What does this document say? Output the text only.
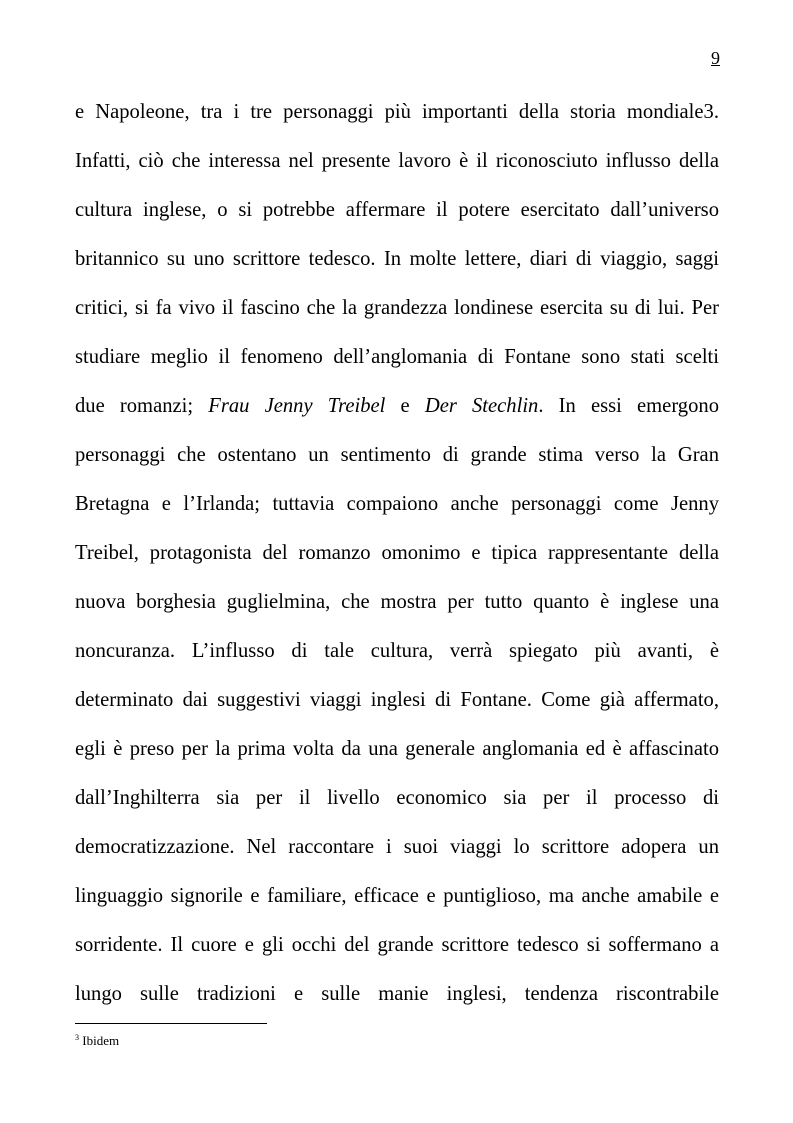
9
e Napoleone, tra i tre personaggi più importanti della storia mondiale3.
Infatti, ciò che interessa nel presente lavoro è il riconosciuto influsso della
cultura inglese, o si potrebbe affermare il potere esercitato dall’universo
britannico su uno scrittore tedesco. In molte lettere, diari di viaggio, saggi
critici, si fa vivo il fascino che la grandezza londinese esercita su di lui. Per
studiare meglio il fenomeno dell’anglomania di Fontane sono stati scelti
due romanzi; Frau Jenny Treibel e Der Stechlin. In essi emergono
personaggi che ostentano un sentimento di grande stima verso la Gran
Bretagna e l’Irlanda; tuttavia compaiono anche personaggi come Jenny
Treibel, protagonista del romanzo omonimo e tipica rappresentante della
nuova borghesia guglielmina, che mostra per tutto quanto è inglese una
noncuranza. L’influsso di tale cultura, verrà spiegato più avanti, è
determinato dai suggestivi viaggi inglesi di Fontane. Come già affermato,
egli è preso per la prima volta da una generale anglomania ed è affascinato
dall’Inghilterra sia per il livello economico sia per il processo di
democratizzazione. Nel raccontare i suoi viaggi lo scrittore adopera un
linguaggio signorile e familiare, efficace e puntiglioso, ma anche amabile e
sorridente. Il cuore e gli occhi del grande scrittore tedesco si soffermano a
lungo sulle tradizioni e sulle manie inglesi, tendenza riscontrabile
$^3$ Ibidem
